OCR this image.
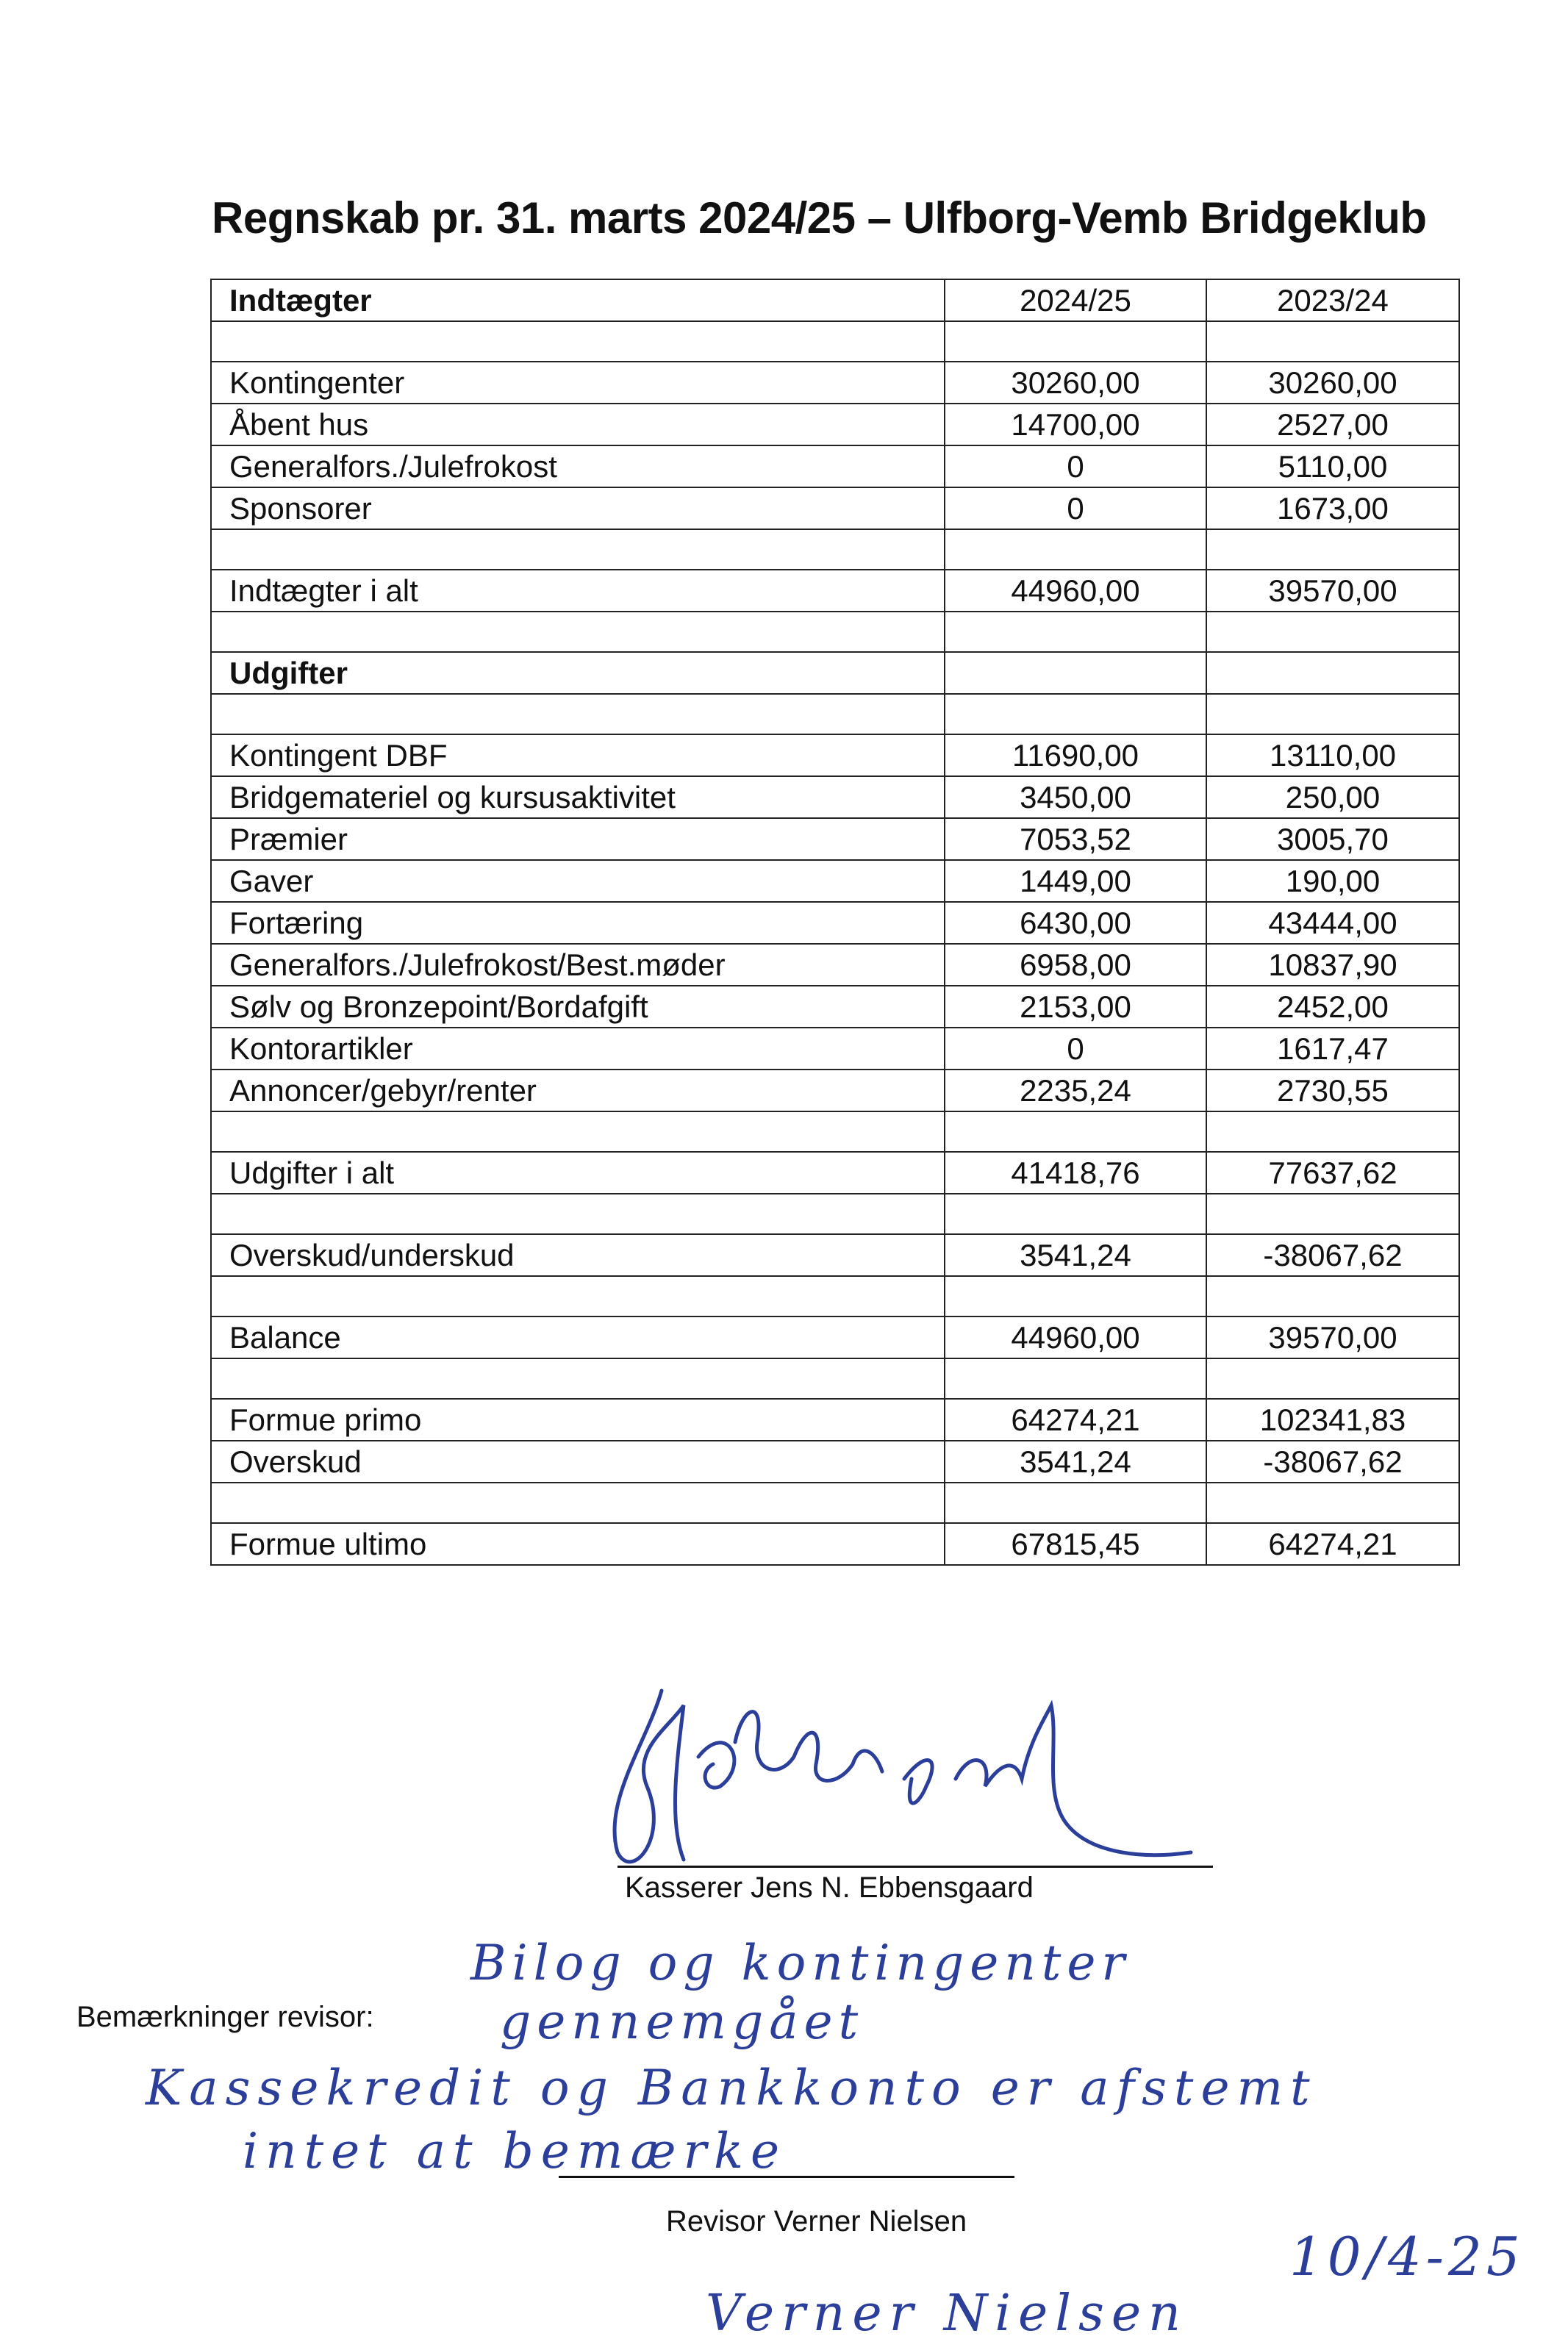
Regnskab pr. 31. marts 2024/25 – Ulfborg-Vemb Bridgeklub
Indtægter	2024/25	2023/24

Kontingenter	30260,00	30260,00
Åbent hus	14700,00	2527,00
Generalfors./Julefrokost	0	5110,00
Sponsorer	0	1673,00

Indtægter i alt	44960,00	39570,00

Udgifter		

Kontingent DBF	11690,00	13110,00
Bridgemateriel og kursusaktivitet	3450,00	250,00
Præmier	7053,52	3005,70
Gaver	1449,00	190,00
Fortæring	6430,00	43444,00
Generalfors./Julefrokost/Best.møder	6958,00	10837,90
Sølv og Bronzepoint/Bordafgift	2153,00	2452,00
Kontorartikler	0	1617,47
Annoncer/gebyr/renter	2235,24	2730,55

Udgifter i alt	41418,76	77637,62

Overskud/underskud	3541,24	-38067,62

Balance	44960,00	39570,00

Formue primo	64274,21	102341,83
Overskud	3541,24	-38067,62

Formue ultimo	67815,45	64274,21
Ebbensgaard
Kasserer Jens N. Ebbensgaard
Bemærkninger revisor:
Bilog og kontingenter
gennemgået
Kassekredit og Bankkonto er afstemt
intet at bemærke
Revisor Verner Nielsen
Verner Nielsen
10/4-25
